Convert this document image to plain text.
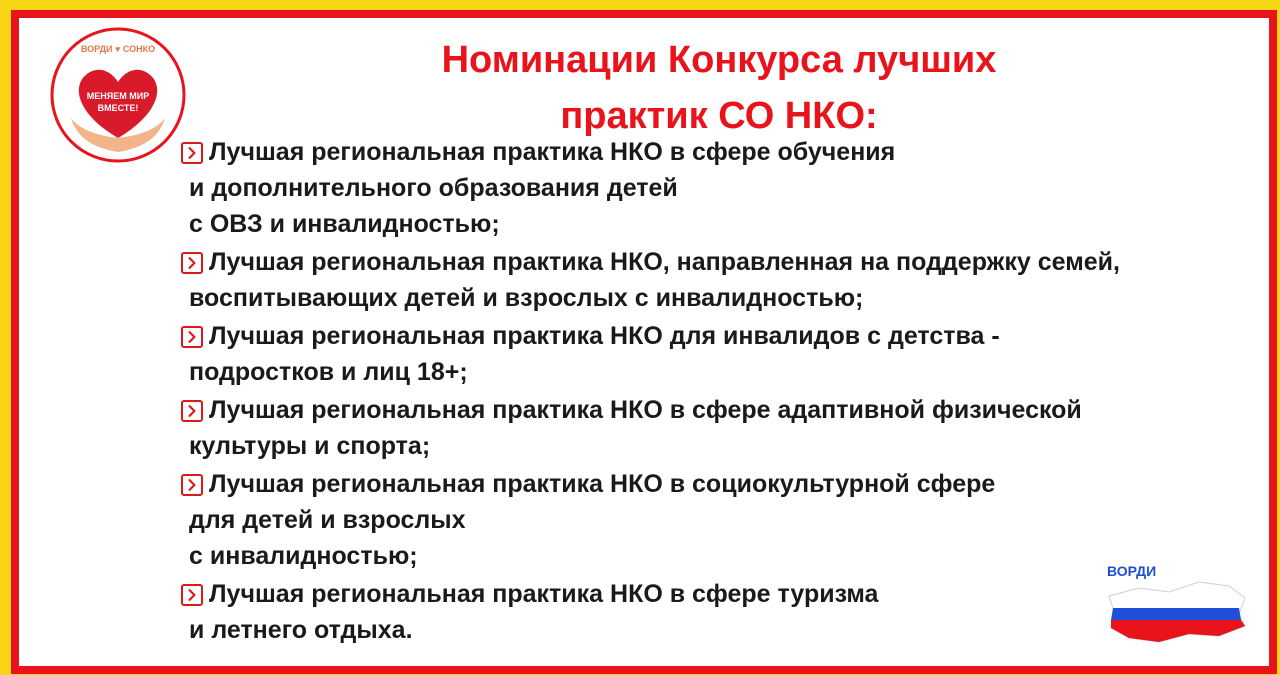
ВОРДИ ♥ СОНКО
МЕНЯЕМ МИР
ВМЕСТЕ!
Номинации Конкурса лучших
практик СО НКО:
Лучшая региональная практика НКО в сфере обучения
и дополнительного образования детей
с ОВЗ и инвалидностью;
Лучшая региональная практика НКО, направленная на поддержку семей,
воспитывающих детей и взрослых с инвалидностью;
Лучшая региональная практика НКО для инвалидов с детства -
подростков и лиц 18+;
Лучшая региональная практика НКО в сфере адаптивной физической
культуры и спорта;
Лучшая региональная практика НКО в социокультурной сфере
для детей и взрослых
с инвалидностью;
Лучшая региональная практика НКО в сфере туризма
и летнего отдыха.
ВОРДИ
